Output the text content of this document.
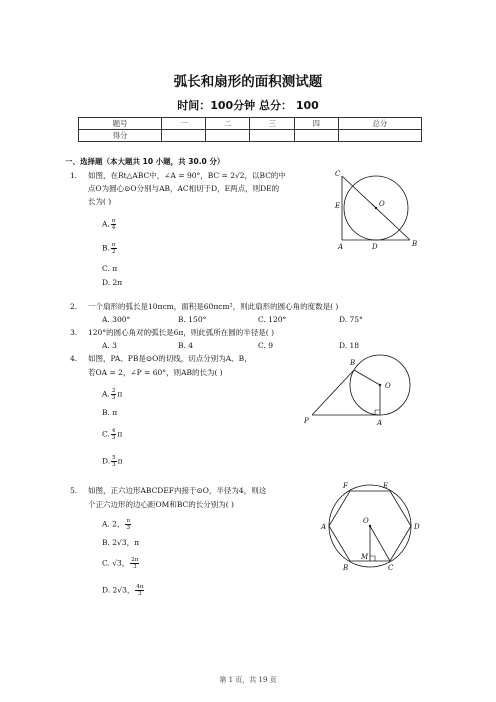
弧长和扇形的面积测试题
时间：100分钟 总分： 100
题号	一	二	三	四	总分
得分					
一、选择题（本大题共 10 小题，共 30.0 分）
1. 如图，在Rt△ABC中，∠A = 90°，BC = 2√2，以BC的中
点O为圆心⊙O分别与AB，AC相切于D，E两点，则DE的
长为( )
A. $\frac{\pi}{4}$
B. $\frac{\pi}{2}$
C. π
D. 2π
C
E	O
A	D	B
2. 一个扇形的弧长是10πcm，面积是60πcm²，则此扇形的圆心角的度数是( )
A. 300°	B. 150°	C. 120°	D. 75°
3. 120°的圆心角对的弧长是6π，则此弧所在圆的半径是( )
A. 3	B. 4	C. 9	D. 18
4. 如图，PA、PB是⊙O的切线，切点分别为A、B，
若OA = 2，∠P = 60°，则AB的长为( )
A. $\frac{2}{3}$ π
B. π
C. $\frac{4}{3}$ π
D. $\frac{5}{3}$ π
B
O
P	A
5. 如图，正六边形ABCDEF内接于⊙O，半径为4，则这
个正六边形的边心距OM和BC的长分别为( )
A. 2， $\frac{\pi}{3}$
B. 2√3，π
C. √3， $\frac{2\pi}{3}$
D. 2√3， $\frac{4\pi}{3}$
F	E
A
O
D
M
B	C
第 1 页，共 19 页
